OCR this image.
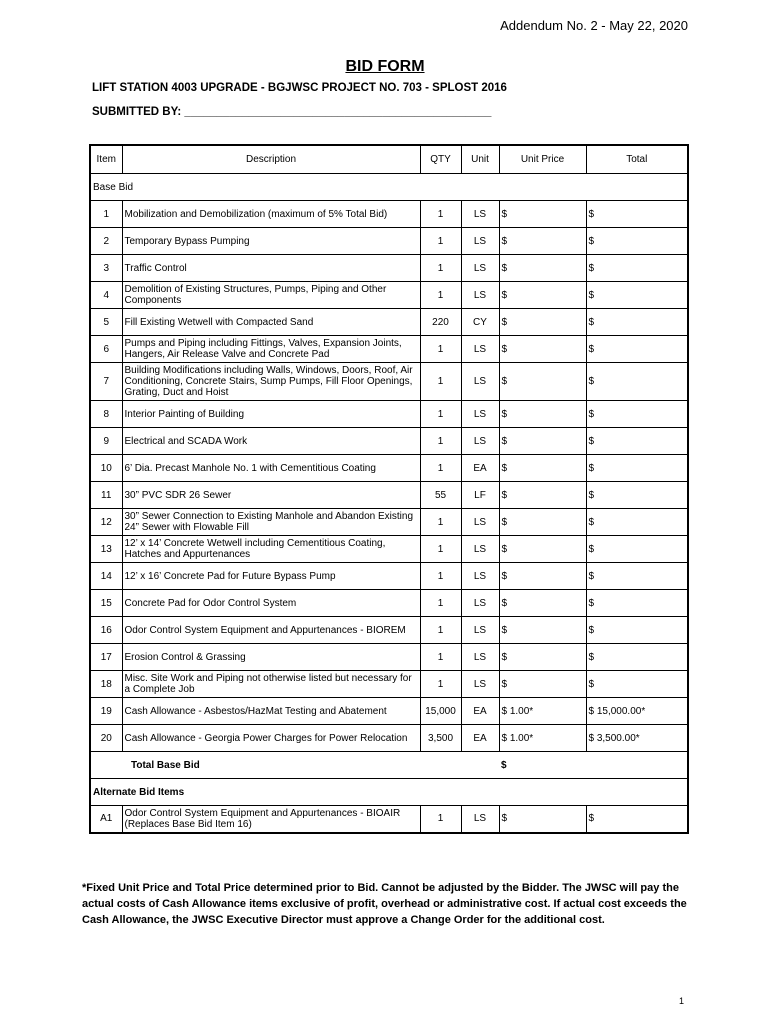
Addendum No. 2 - May 22, 2020
BID FORM
LIFT STATION 4003 UPGRADE - BGJWSC PROJECT NO. 703 - SPLOST 2016
SUBMITTED BY: ________________________________________________
Item	Description	QTY	Unit	Unit Price	Total
Base Bid					
1	Mobilization and Demobilization (maximum of 5% Total Bid)	1	LS	$	$
2	Temporary Bypass Pumping	1	LS	$	$
3	Traffic Control	1	LS	$	$
4	Demolition of Existing Structures, Pumps, Piping and Other Components	1	LS	$	$
5	Fill Existing Wetwell with Compacted Sand	220	CY	$	$
6	Pumps and Piping including Fittings, Valves, Expansion Joints, Hangers, Air Release Valve and Concrete Pad	1	LS	$	$
7	Building Modifications including Walls, Windows, Doors, Roof, Air Conditioning, Concrete Stairs, Sump Pumps, Fill Floor Openings, Grating, Duct and Hoist	1	LS	$	$
8	Interior Painting of Building	1	LS	$	$
9	Electrical and SCADA Work	1	LS	$	$
10	6’ Dia. Precast Manhole No. 1 with Cementitious Coating	1	EA	$	$
11	30” PVC SDR 26 Sewer	55	LF	$	$
12	30” Sewer Connection to Existing Manhole and Abandon Existing 24” Sewer with Flowable Fill	1	LS	$	$
13	12’ x 14’ Concrete Wetwell including Cementitious Coating, Hatches and Appurtenances	1	LS	$	$
14	12’ x 16’ Concrete Pad for Future Bypass Pump	1	LS	$	$
15	Concrete Pad for Odor Control System	1	LS	$	$
16	Odor Control System Equipment and Appurtenances - BIOREM	1	LS	$	$
17	Erosion Control & Grassing	1	LS	$	$
18	Misc. Site Work and Piping not otherwise listed but necessary for a Complete Job	1	LS	$	$
19	Cash Allowance - Asbestos/HazMat Testing and Abatement	15,000	EA	$ 1.00*	$ 15,000.00*
20	Cash Allowance - Georgia Power Charges for Power Relocation	3,500	EA	$ 1.00*	$ 3,500.00*
Total Base Bid				$	
Alternate Bid Items					
A1	Odor Control System Equipment and Appurtenances - BIOAIR (Replaces Base Bid Item 16)	1	LS	$	$
*Fixed Unit Price and Total Price determined prior to Bid. Cannot be adjusted by the Bidder. The JWSC will pay the actual costs of Cash Allowance items exclusive of profit, overhead or administrative cost. If actual cost exceeds the Cash Allowance, the JWSC Executive Director must approve a Change Order for the additional cost.
1
